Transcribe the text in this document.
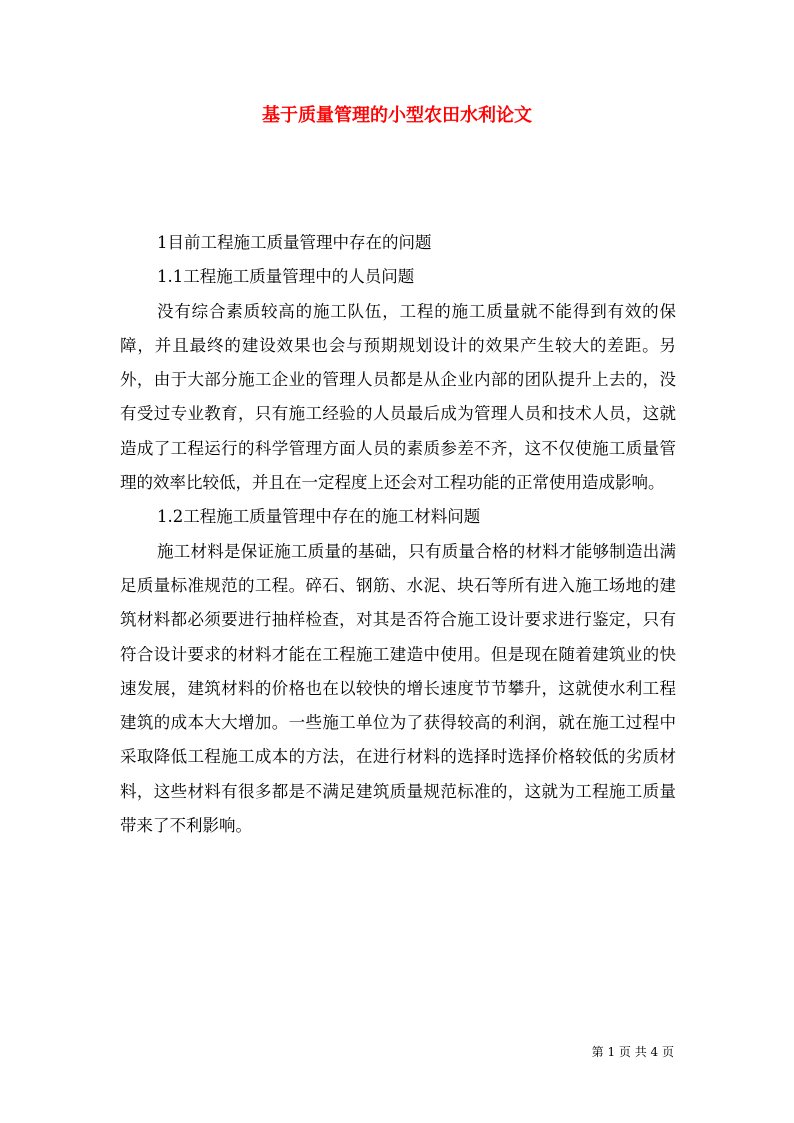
基于质量管理的小型农田水利论文

1目前工程施工质量管理中存在的问题

1.1工程施工质量管理中的人员问题

没有综合素质较高的施工队伍，工程的施工质量就不能得到有效的保障，并且最终的建设效果也会与预期规划设计的效果产生较大的差距。另外，由于大部分施工企业的管理人员都是从企业内部的团队提升上去的，没有受过专业教育，只有施工经验的人员最后成为管理人员和技术人员，这就造成了工程运行的科学管理方面人员的素质参差不齐，这不仅使施工质量管理的效率比较低，并且在一定程度上还会对工程功能的正常使用造成影响。

1.2工程施工质量管理中存在的施工材料问题

施工材料是保证施工质量的基础，只有质量合格的材料才能够制造出满足质量标准规范的工程。碎石、钢筋、水泥、块石等所有进入施工场地的建筑材料都必须要进行抽样检查，对其是否符合施工设计要求进行鉴定，只有符合设计要求的材料才能在工程施工建造中使用。但是现在随着建筑业的快速发展，建筑材料的价格也在以较快的增长速度节节攀升，这就使水利工程建筑的成本大大增加。一些施工单位为了获得较高的利润，就在施工过程中采取降低工程施工成本的方法，在进行材料的选择时选择价格较低的劣质材料，这些材料有很多都是不满足建筑质量规范标准的，这就为工程施工质量带来了不利影响。

第 1 页 共 4 页
